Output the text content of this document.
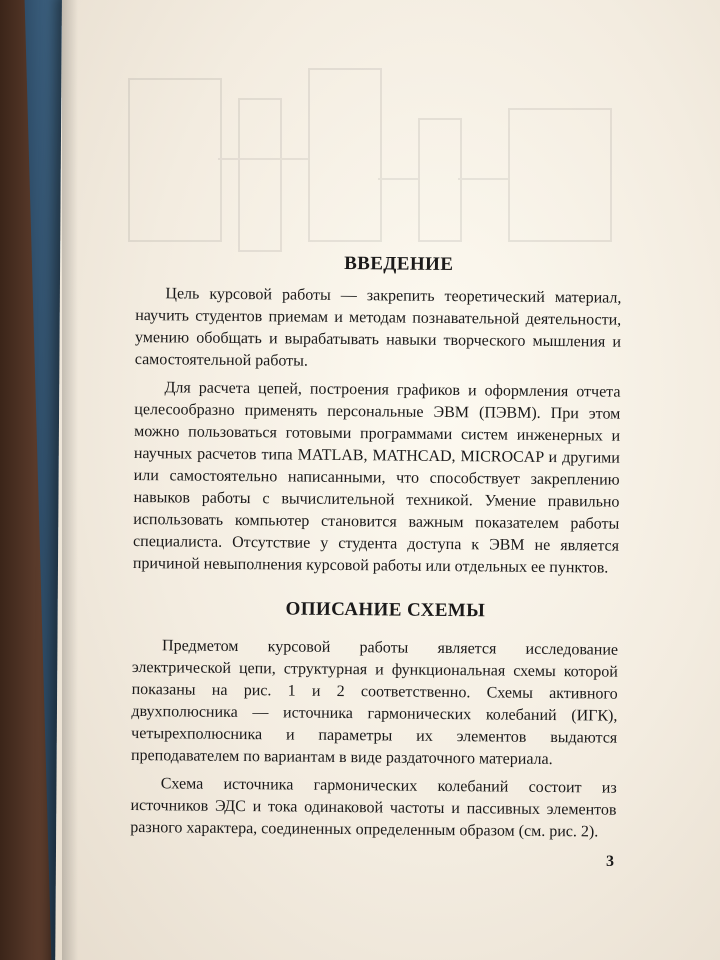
ВВЕДЕНИЕ

Цель курсовой работы — закрепить теоретический материал, научить студентов приемам и методам познавательной деятельности, умению обобщать и вырабатывать навыки творческого мышления и самостоятельной работы.

Для расчета цепей, построения графиков и оформления отчета целесообразно применять персональные ЭВМ (ПЭВМ). При этом можно пользоваться готовыми программами систем инженерных и научных расчетов типа MATLAB, MATHCAD, MICROCAP и другими или самостоятельно написанными, что способствует закреплению навыков работы с вычислительной техникой. Умение правильно использовать компьютер становится важным показателем работы специалиста. Отсутствие у студента доступа к ЭВМ не является причиной невыполнения курсовой работы или отдельных ее пунктов.

ОПИСАНИЕ СХЕМЫ

Предметом курсовой работы является исследование электрической цепи, структурная и функциональная схемы которой показаны на рис. 1 и 2 соответственно. Схемы активного двухполюсника — источника гармонических колебаний (ИГК), четырехполюсника и параметры их элементов выдаются преподавателем по вариантам в виде раздаточного материала.

Схема источника гармонических колебаний состоит из источников ЭДС и тока одинаковой частоты и пассивных элементов разного характера, соединенных определенным образом (см. рис. 2).

3
